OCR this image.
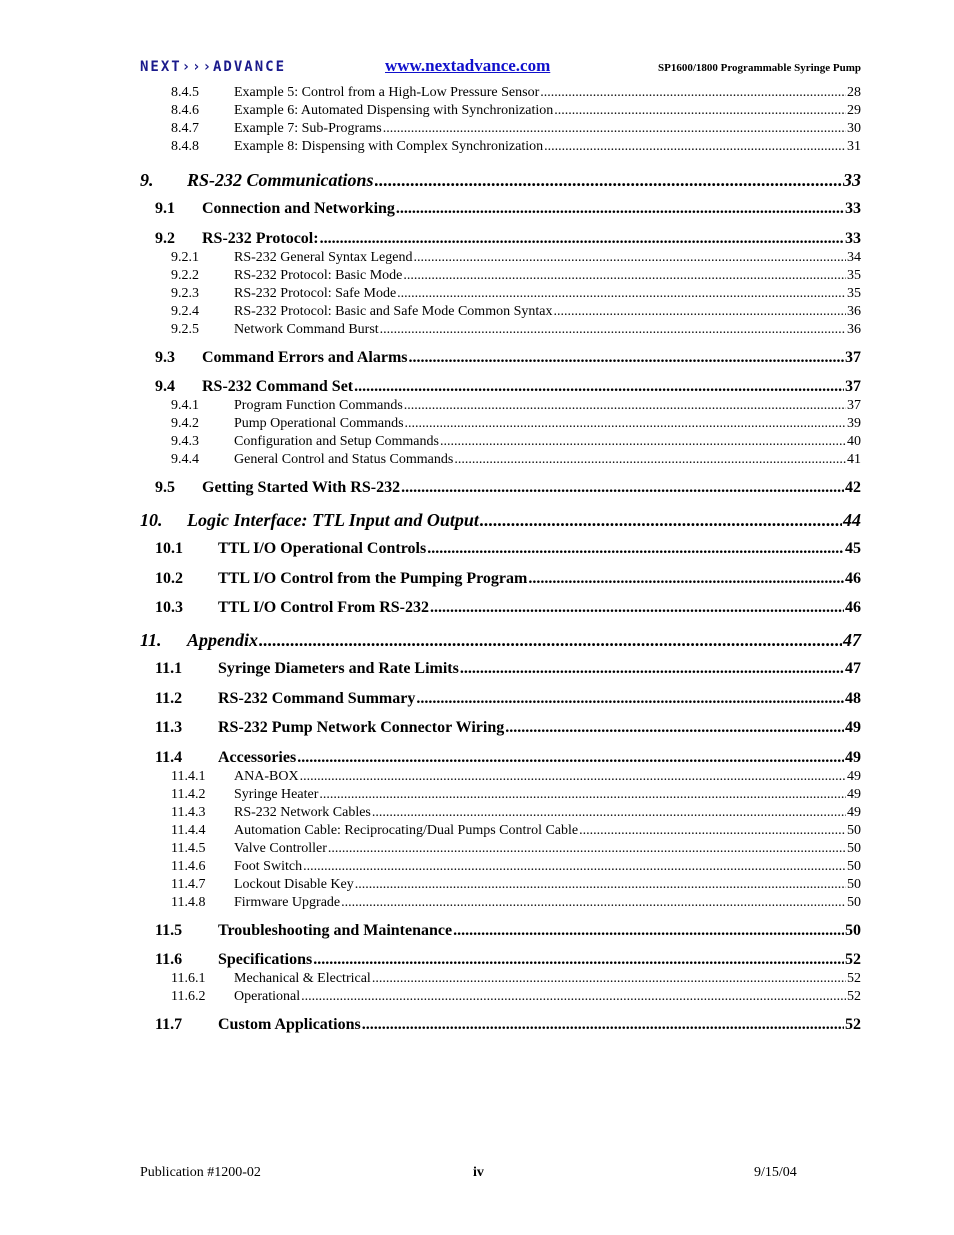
NEXT›››ADVANCE	www.nextadvance.com	SP1600/1800 Programmable Syringe Pump
8.4.5	Example 5: Control from a High-Low Pressure Sensor .....	28
8.4.6	Example 6: Automated Dispensing with Synchronization .....	29
8.4.7	Example 7: Sub-Programs .....	30
8.4.8	Example 8: Dispensing with Complex Synchronization .....	31
9.	RS-232 Communications .....	33
9.1	Connection and Networking .....	33
9.2	RS-232 Protocol: .....	33
9.2.1	RS-232 General Syntax Legend .....	34
9.2.2	RS-232 Protocol: Basic Mode .....	35
9.2.3	RS-232 Protocol: Safe Mode .....	35
9.2.4	RS-232 Protocol: Basic and Safe Mode Common Syntax .....	36
9.2.5	Network Command Burst .....	36
9.3	Command Errors and Alarms .....	37
9.4	RS-232 Command Set .....	37
9.4.1	Program Function Commands .....	37
9.4.2	Pump Operational Commands .....	39
9.4.3	Configuration and Setup Commands .....	40
9.4.4	General Control and Status Commands .....	41
9.5	Getting Started With RS-232 .....	42
10.	Logic Interface: TTL Input and Output .....	44
10.1	TTL I/O Operational Controls .....	45
10.2	TTL I/O Control from the Pumping Program .....	46
10.3	TTL I/O Control From RS-232 .....	46
11.	Appendix .....	47
11.1	Syringe Diameters and Rate Limits .....	47
11.2	RS-232 Command Summary .....	48
11.3	RS-232 Pump Network Connector Wiring .....	49
11.4	Accessories .....	49
11.4.1	ANA-BOX .....	49
11.4.2	Syringe Heater .....	49
11.4.3	RS-232 Network Cables .....	49
11.4.4	Automation Cable: Reciprocating/Dual Pumps Control Cable .....	50
11.4.5	Valve Controller .....	50
11.4.6	Foot Switch .....	50
11.4.7	Lockout Disable Key .....	50
11.4.8	Firmware Upgrade .....	50
11.5	Troubleshooting and Maintenance .....	50
11.6	Specifications .....	52
11.6.1	Mechanical & Electrical .....	52
11.6.2	Operational .....	52
11.7	Custom Applications .....	52
Publication #1200-02	iv	9/15/04
